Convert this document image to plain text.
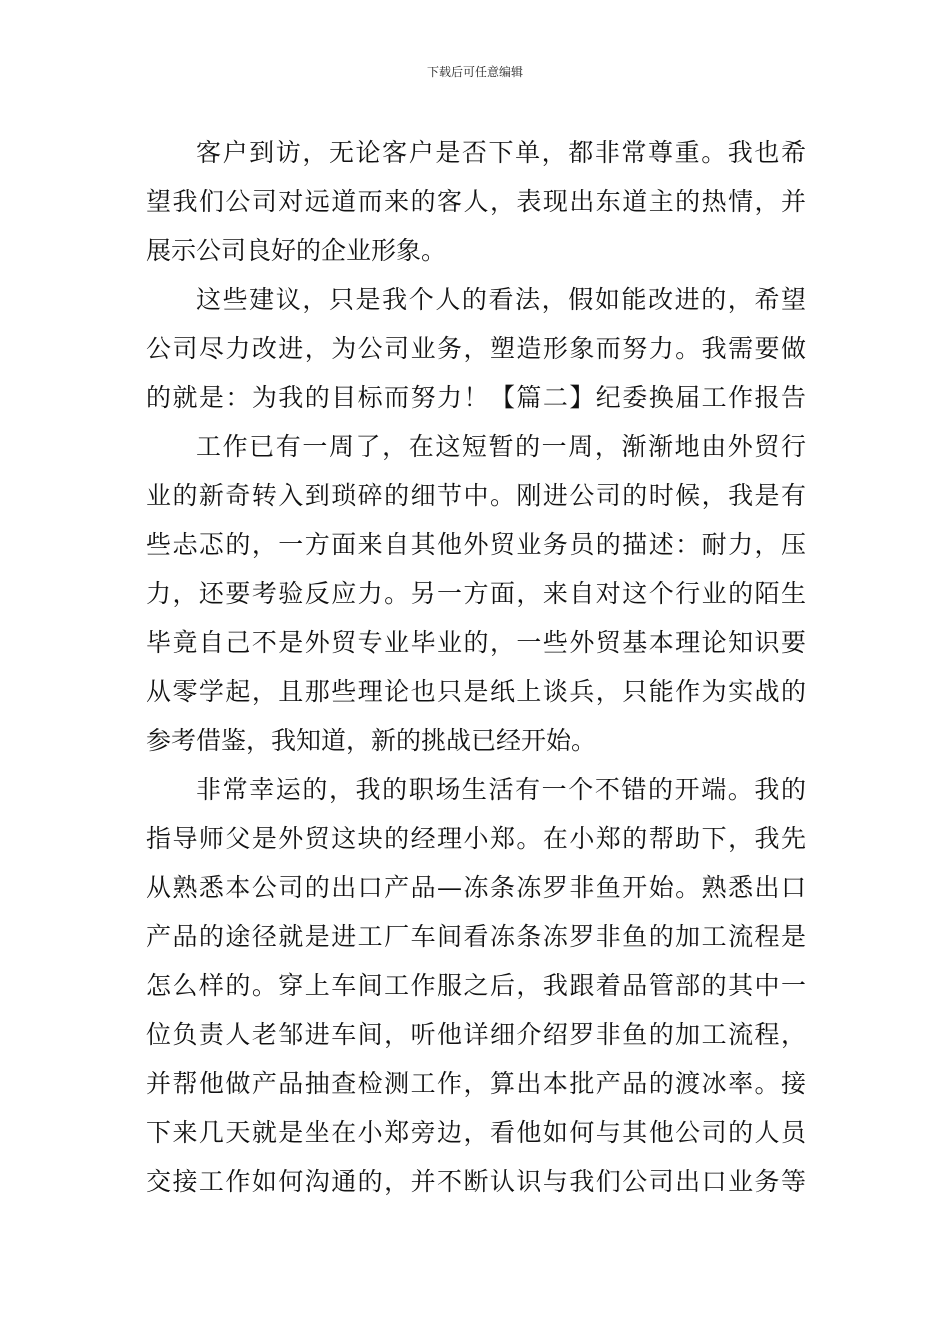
下载后可任意编辑
客户到访，无论客户是否下单，都非常尊重。我也希
望我们公司对远道而来的客人，表现出东道主的热情，并
展示公司良好的企业形象。
这些建议，只是我个人的看法，假如能改进的，希望
公司尽力改进，为公司业务，塑造形象而努力。我需要做
的就是：为我的目标而努力！【篇二】纪委换届工作报告
工作已有一周了，在这短暂的一周，渐渐地由外贸行
业的新奇转入到琐碎的细节中。刚进公司的时候，我是有
些忐忑的，一方面来自其他外贸业务员的描述：耐力，压
力，还要考验反应力。另一方面，来自对这个行业的陌生
毕竟自己不是外贸专业毕业的，一些外贸基本理论知识要
从零学起，且那些理论也只是纸上谈兵，只能作为实战的
参考借鉴，我知道，新的挑战已经开始。
非常幸运的，我的职场生活有一个不错的开端。我的
指导师父是外贸这块的经理小郑。在小郑的帮助下，我先
从熟悉本公司的出口产品—冻条冻罗非鱼开始。熟悉出口
产品的途径就是进工厂车间看冻条冻罗非鱼的加工流程是
怎么样的。穿上车间工作服之后，我跟着品管部的其中一
位负责人老邹进车间，听他详细介绍罗非鱼的加工流程，
并帮他做产品抽查检测工作，算出本批产品的渡冰率。接
下来几天就是坐在小郑旁边，看他如何与其他公司的人员
交接工作如何沟通的，并不断认识与我们公司出口业务等
